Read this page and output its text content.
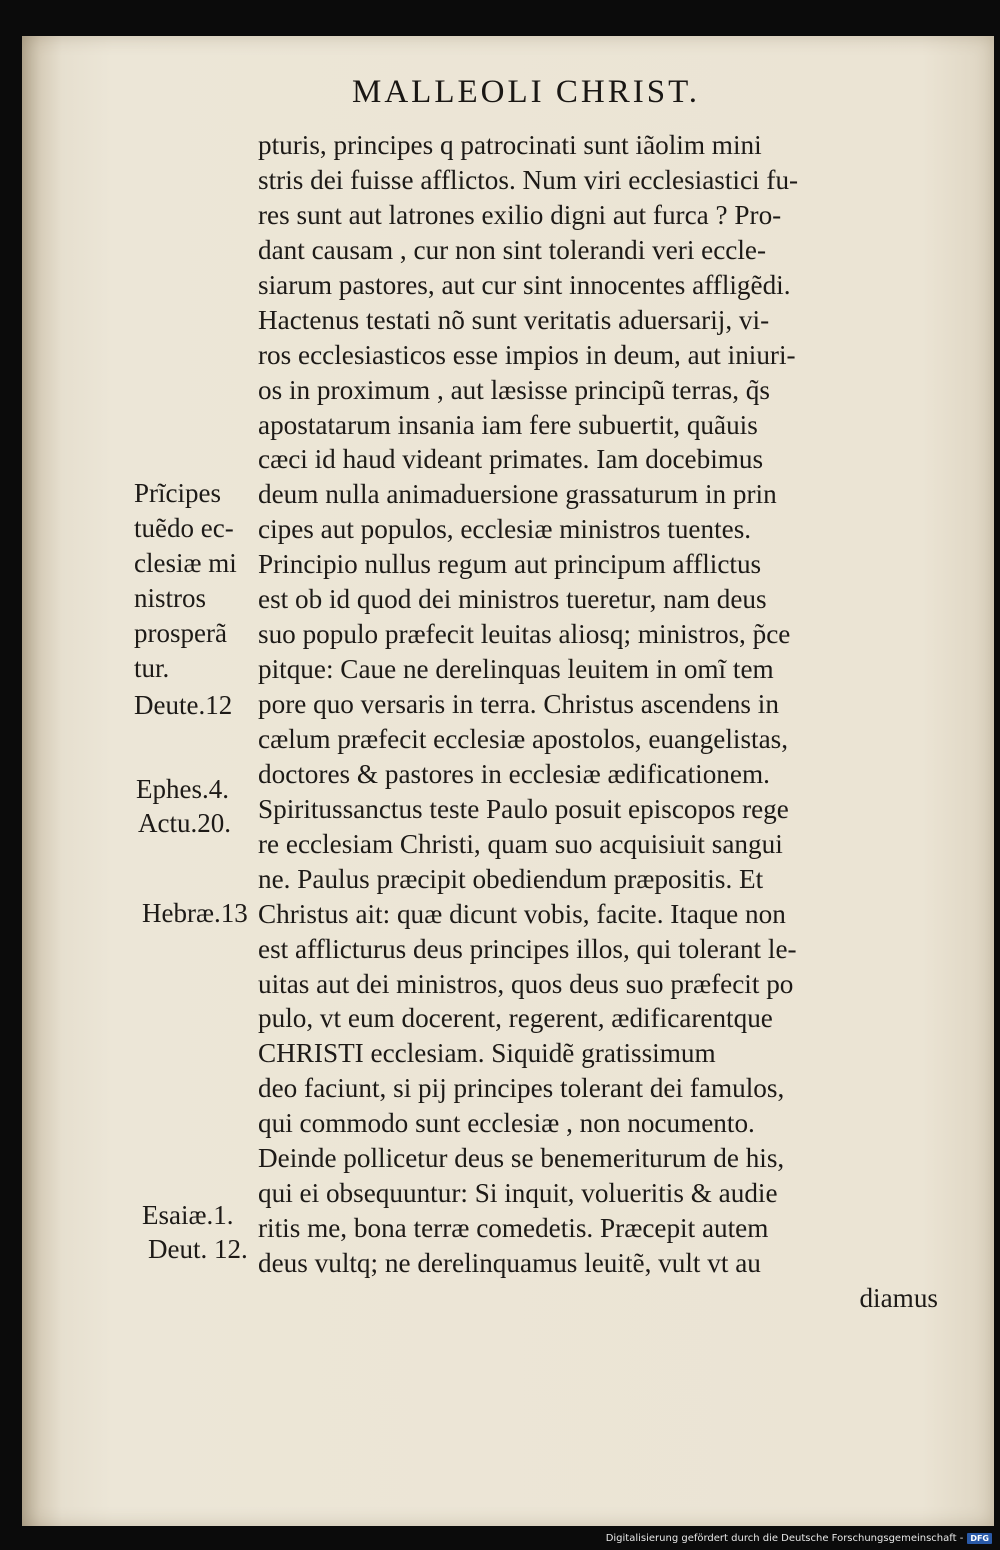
MALLEOLI CHRIST.
pturis, principes q patrocinati sunt iãolim mini
stris dei fuisse afflictos. Num viri ecclesiastici fu-
res sunt aut latrones exilio digni aut furca ? Pro-
dant causam , cur non sint tolerandi veri eccle-
siarum pastores, aut cur sint innocentes affligẽdi.
Hactenus testati nõ sunt veritatis aduersarij, vi-
ros ecclesiasticos esse impios in deum, aut iniuri-
os in proximum , aut læsisse principũ terras, q̃s
apostatarum insania iam fere subuertit, quãuis
cæci id haud videant primates. Iam docebimus
deum nulla animaduersione grassaturum in prin
cipes aut populos, ecclesiæ ministros tuentes.
Principio nullus regum aut principum afflictus
est ob id quod dei ministros tueretur, nam deus
suo populo præfecit leuitas aliosq; ministros, p̃ce
pitque: Caue ne derelinquas leuitem in omĩ tem
pore quo versaris in terra. Christus ascendens in
cælum præfecit ecclesiæ apostolos, euangelistas,
doctores & pastores in ecclesiæ ædificationem.
Spiritussanctus teste Paulo posuit episcopos rege
re ecclesiam Christi, quam suo acquisiuit sangui
ne. Paulus præcipit obediendum præpositis. Et
Christus ait: quæ dicunt vobis, facite. Itaque non
est afflicturus deus principes illos, qui tolerant le-
uitas aut dei ministros, quos deus suo præfecit po
pulo, vt eum docerent, regerent, ædificarentque
CHRISTI ecclesiam. Siquidẽ gratissimum
deo faciunt, si pij principes tolerant dei famulos,
qui commodo sunt ecclesiæ , non nocumento.
Deinde pollicetur deus se benemeriturum de his,
qui ei obsequuntur: Si inquit, volueritis & audie
ritis me, bona terræ comedetis. Præcepit autem
deus vultq; ne derelinquamus leuitẽ, vult vt au
diamus
Prĩcipes
tuẽdo ec-
clesiæ mi
nistros
prosperã
tur.
Deute.12
Ephes.4.
Actu.20.
Hebræ.13
Esaiæ.1.
Deut. 12.
Digitalisierung gefördert durch die Deutsche Forschungsgemeinschaft - DFG
